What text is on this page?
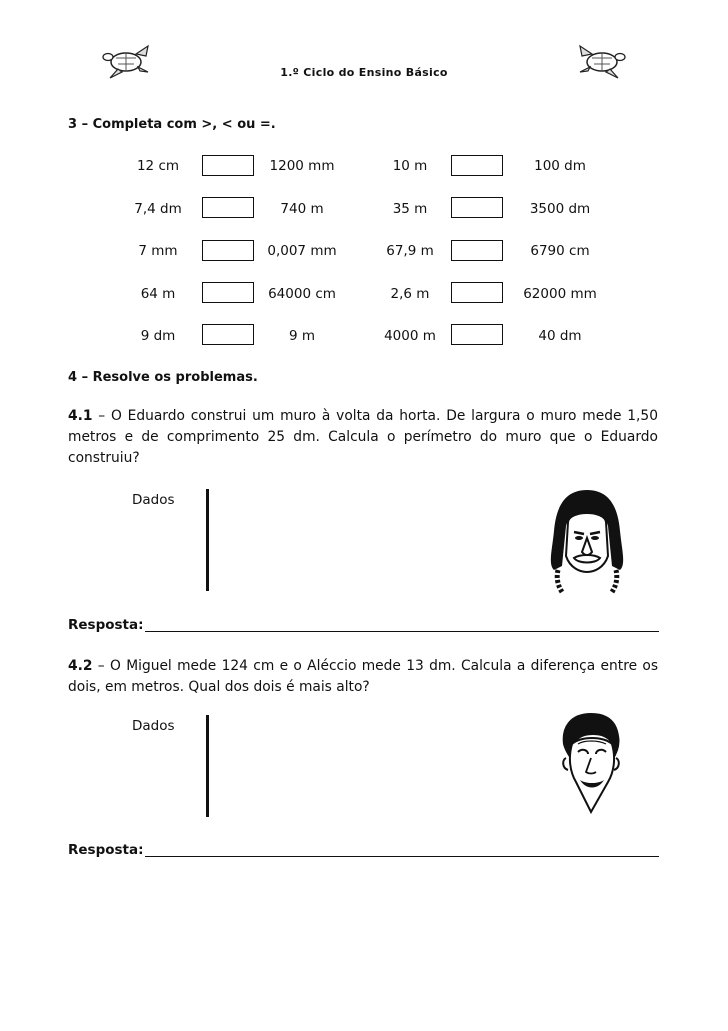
1.º Ciclo do Ensino Básico
3 – Completa com >, < ou =.
12 cm	1200 mm	10 m	100 dm
7,4 dm	740 m	35 m	3500 dm
7 mm	0,007 mm	67,9 m	6790 cm
64 m	64000 cm	2,6 m	62000 mm
9 dm	9 m	4000 m	40 dm
4 – Resolve os problemas.
4.1 – O Eduardo construi um muro à volta da horta. De largura o muro mede 1,50 metros e de comprimento 25 dm. Calcula o perímetro do muro que o Eduardo construiu?
Dados
Resposta:
4.2 – O Miguel mede 124 cm e o Aléccio mede 13 dm. Calcula a diferença entre os dois, em metros. Qual dos dois é mais alto?
Dados
Resposta:
